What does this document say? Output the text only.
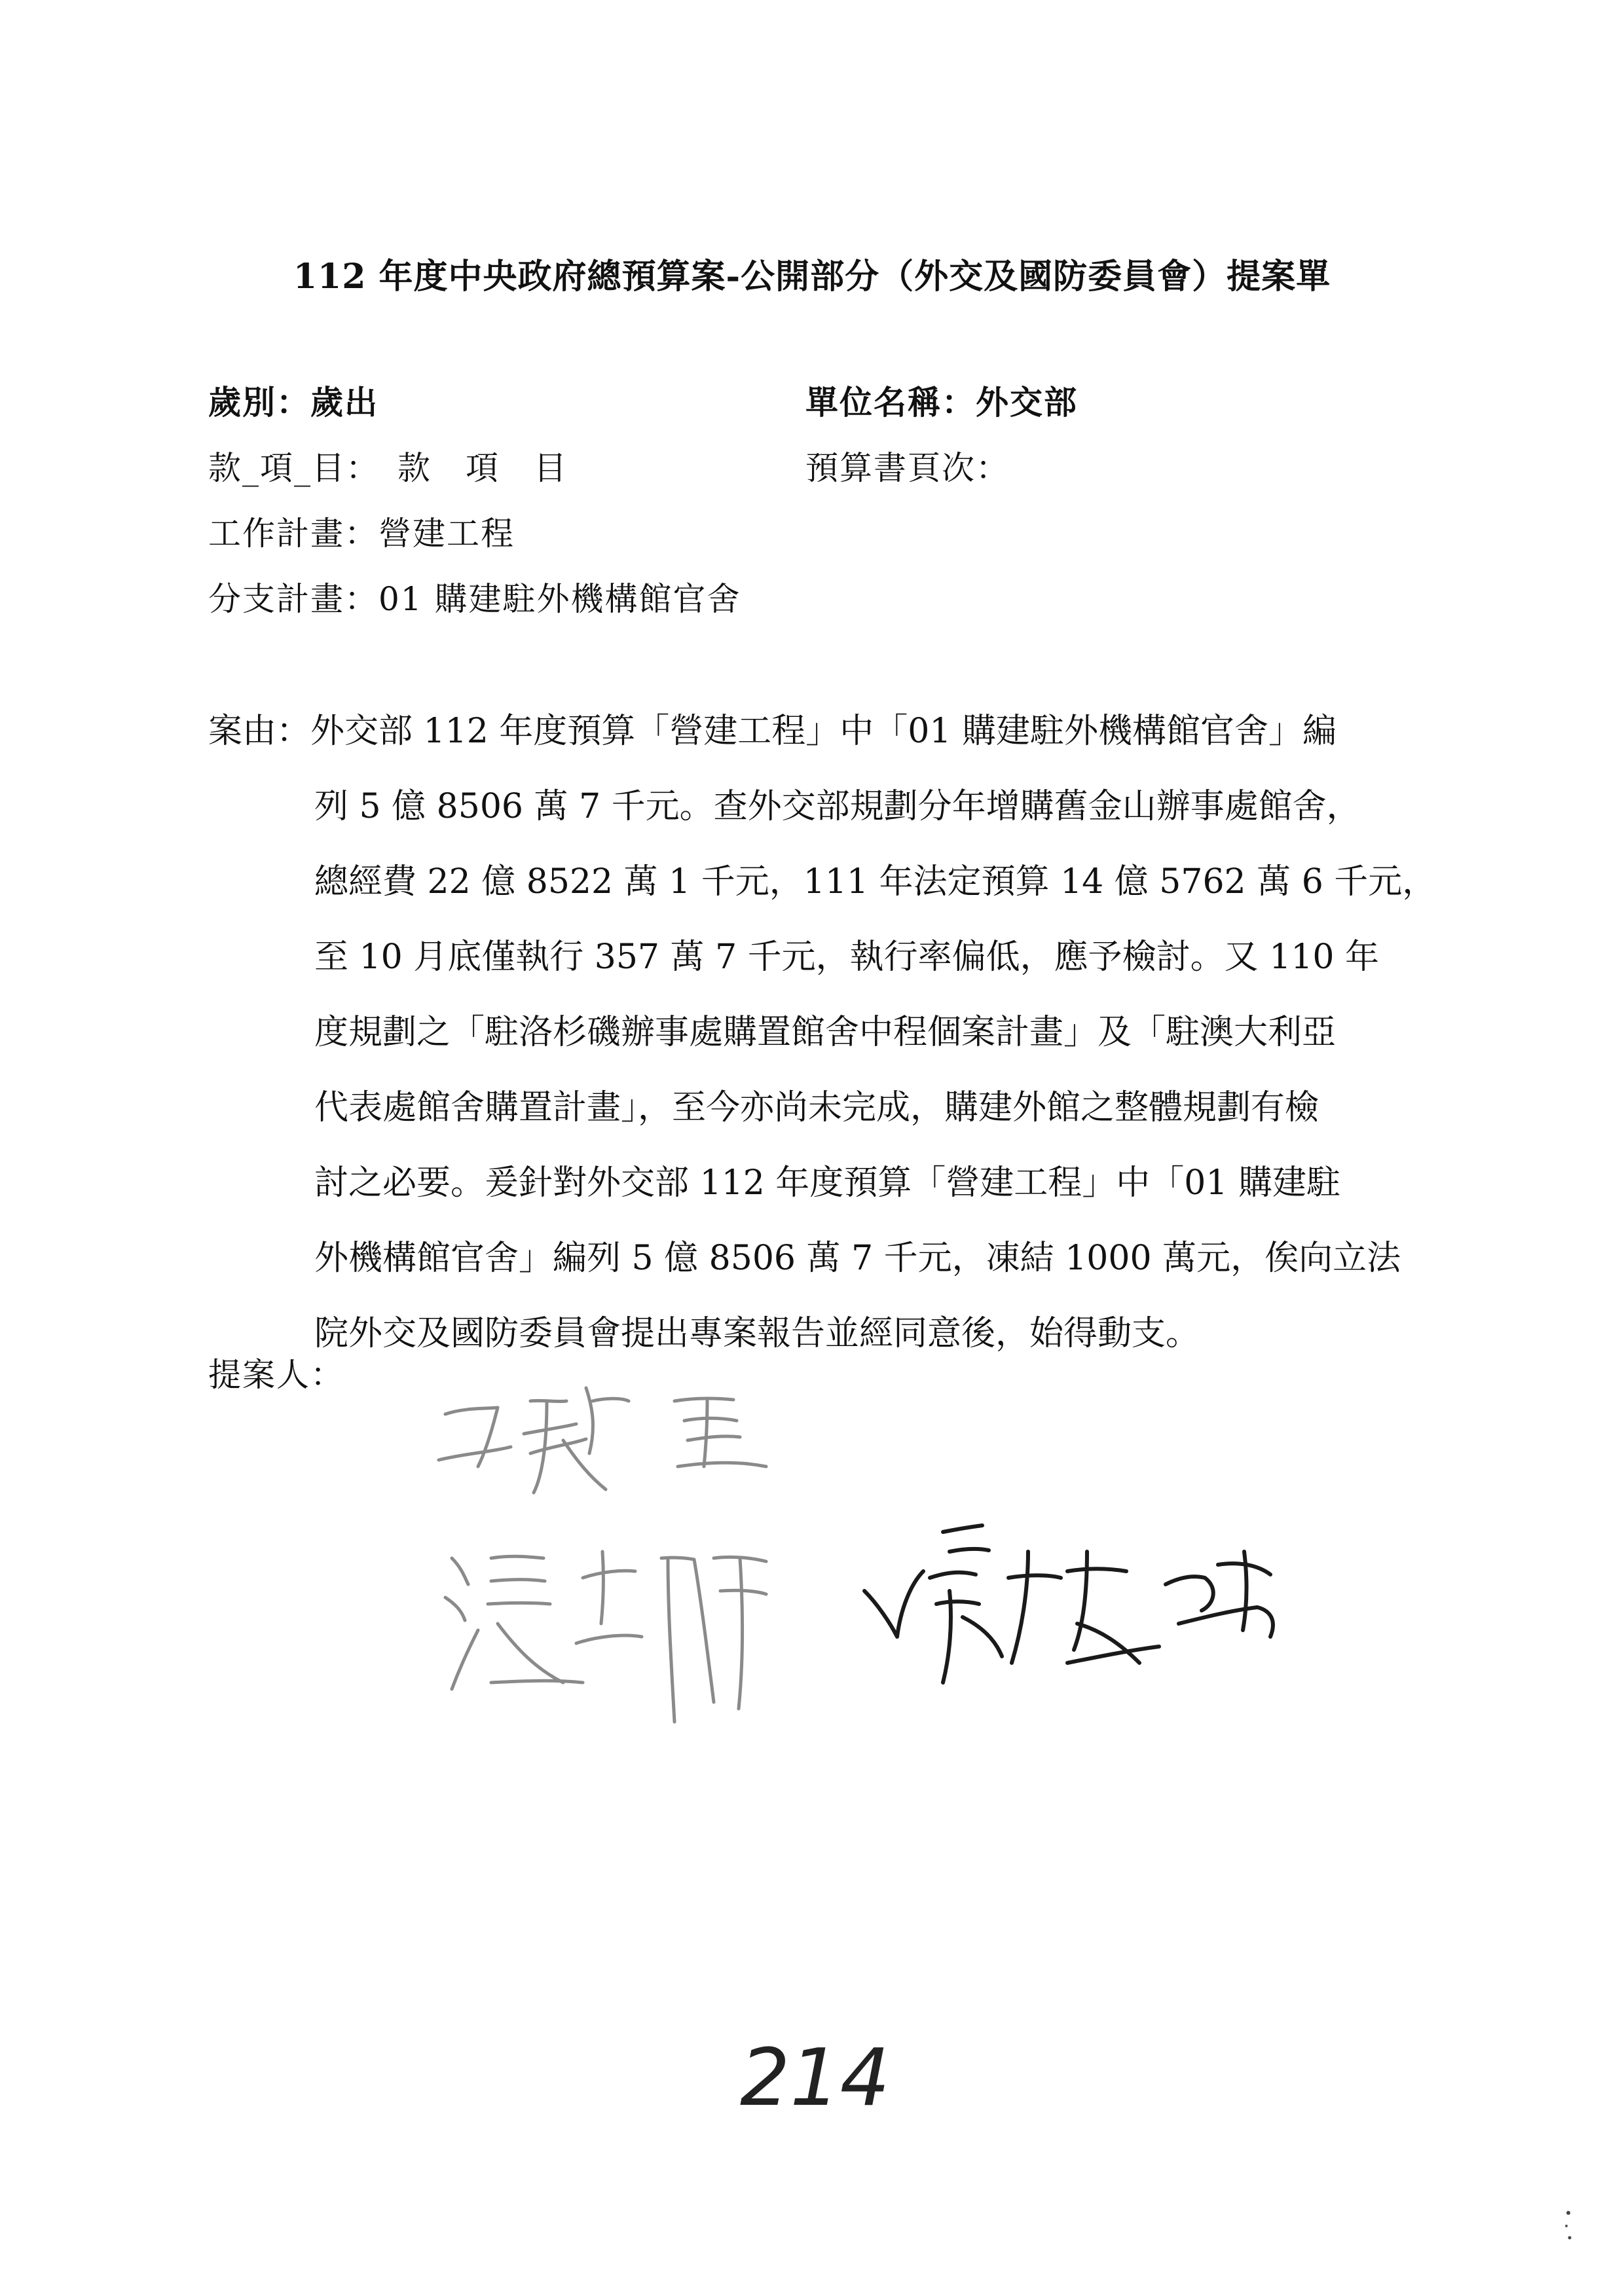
112 年度中央政府總預算案-公開部分（外交及國防委員會）提案單
歲別：歲出	單位名稱：外交部
款_項_目：　款　項　目	預算書頁次：
工作計畫：營建工程
分支計畫：01 購建駐外機構館官舍
案由：外交部 112 年度預算「營建工程」中「01 購建駐外機構館官舍」編
列 5 億 8506 萬 7 千元。查外交部規劃分年增購舊金山辦事處館舍，
總經費 22 億 8522 萬 1 千元，111 年法定預算 14 億 5762 萬 6 千元，
至 10 月底僅執行 357 萬 7 千元，執行率偏低，應予檢討。又 110 年
度規劃之「駐洛杉磯辦事處購置館舍中程個案計畫」及「駐澳大利亞
代表處館舍購置計畫」，至今亦尚未完成，購建外館之整體規劃有檢
討之必要。爰針對外交部 112 年度預算「營建工程」中「01 購建駐
外機構館官舍」編列 5 億 8506 萬 7 千元，凍結 1000 萬元，俟向立法
院外交及國防委員會提出專案報告並經同意後，始得動支。
提案人：
214
